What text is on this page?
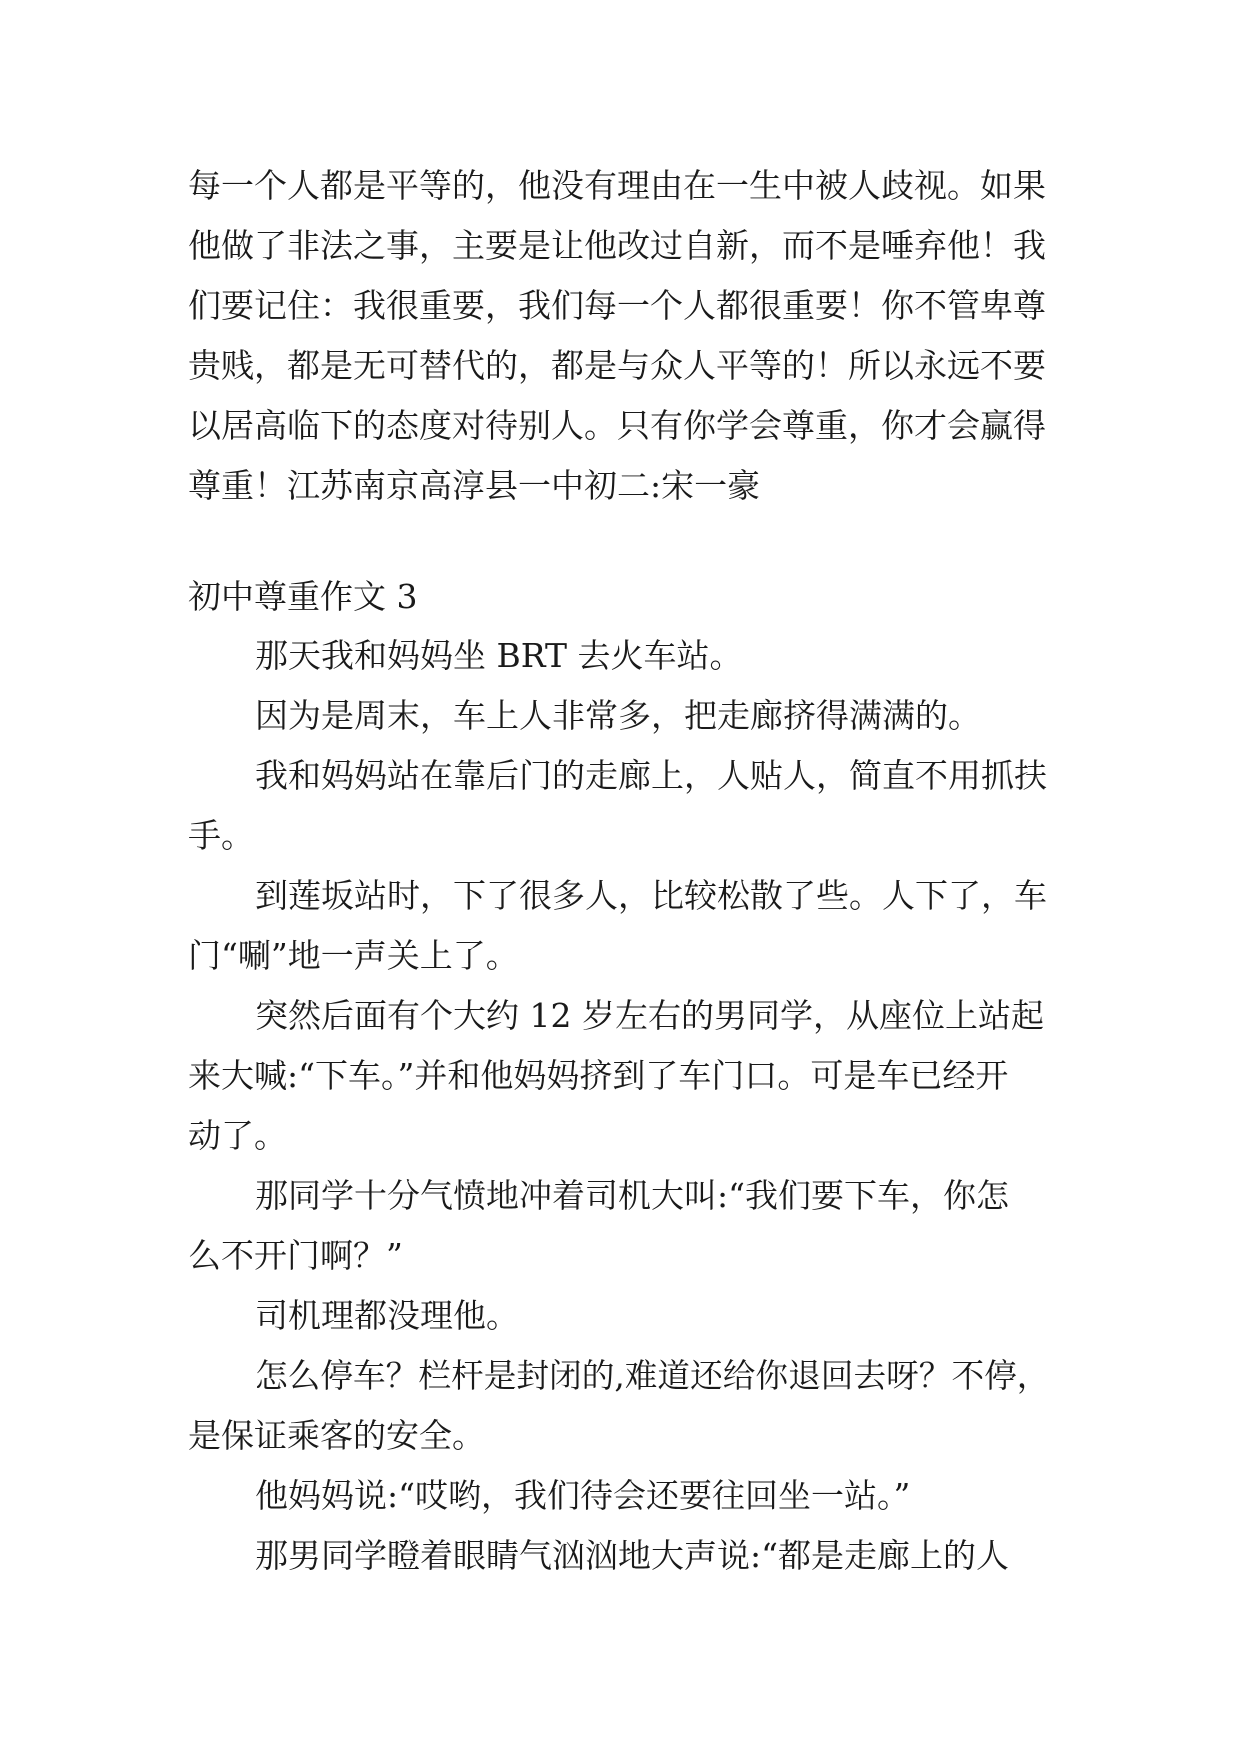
每一个人都是平等的，他没有理由在一生中被人歧视。如果
他做了非法之事，主要是让他改过自新，而不是唾弃他！我
们要记住：我很重要，我们每一个人都很重要！你不管卑尊
贵贱，都是无可替代的，都是与众人平等的！所以永远不要
以居高临下的态度对待别人。只有你学会尊重，你才会赢得
尊重！江苏南京高淳县一中初二:宋一豪
初中尊重作文 3
那天我和妈妈坐 BRT 去火车站。
因为是周末，车上人非常多，把走廊挤得满满的。
我和妈妈站在靠后门的走廊上，人贴人，简直不用抓扶
手。
到莲坂站时，下了很多人，比较松散了些。人下了，车
门“唰”地一声关上了。
突然后面有个大约 12 岁左右的男同学，从座位上站起
来大喊:“下车。”并和他妈妈挤到了车门口。可是车已经开
动了。
那同学十分气愤地冲着司机大叫:“我们要下车，你怎
么不开门啊？”
司机理都没理他。
怎么停车？栏杆是封闭的,难道还给你退回去呀？不停，
是保证乘客的安全。
他妈妈说:“哎哟，我们待会还要往回坐一站。”
那男同学瞪着眼睛气汹汹地大声说:“都是走廊上的人
